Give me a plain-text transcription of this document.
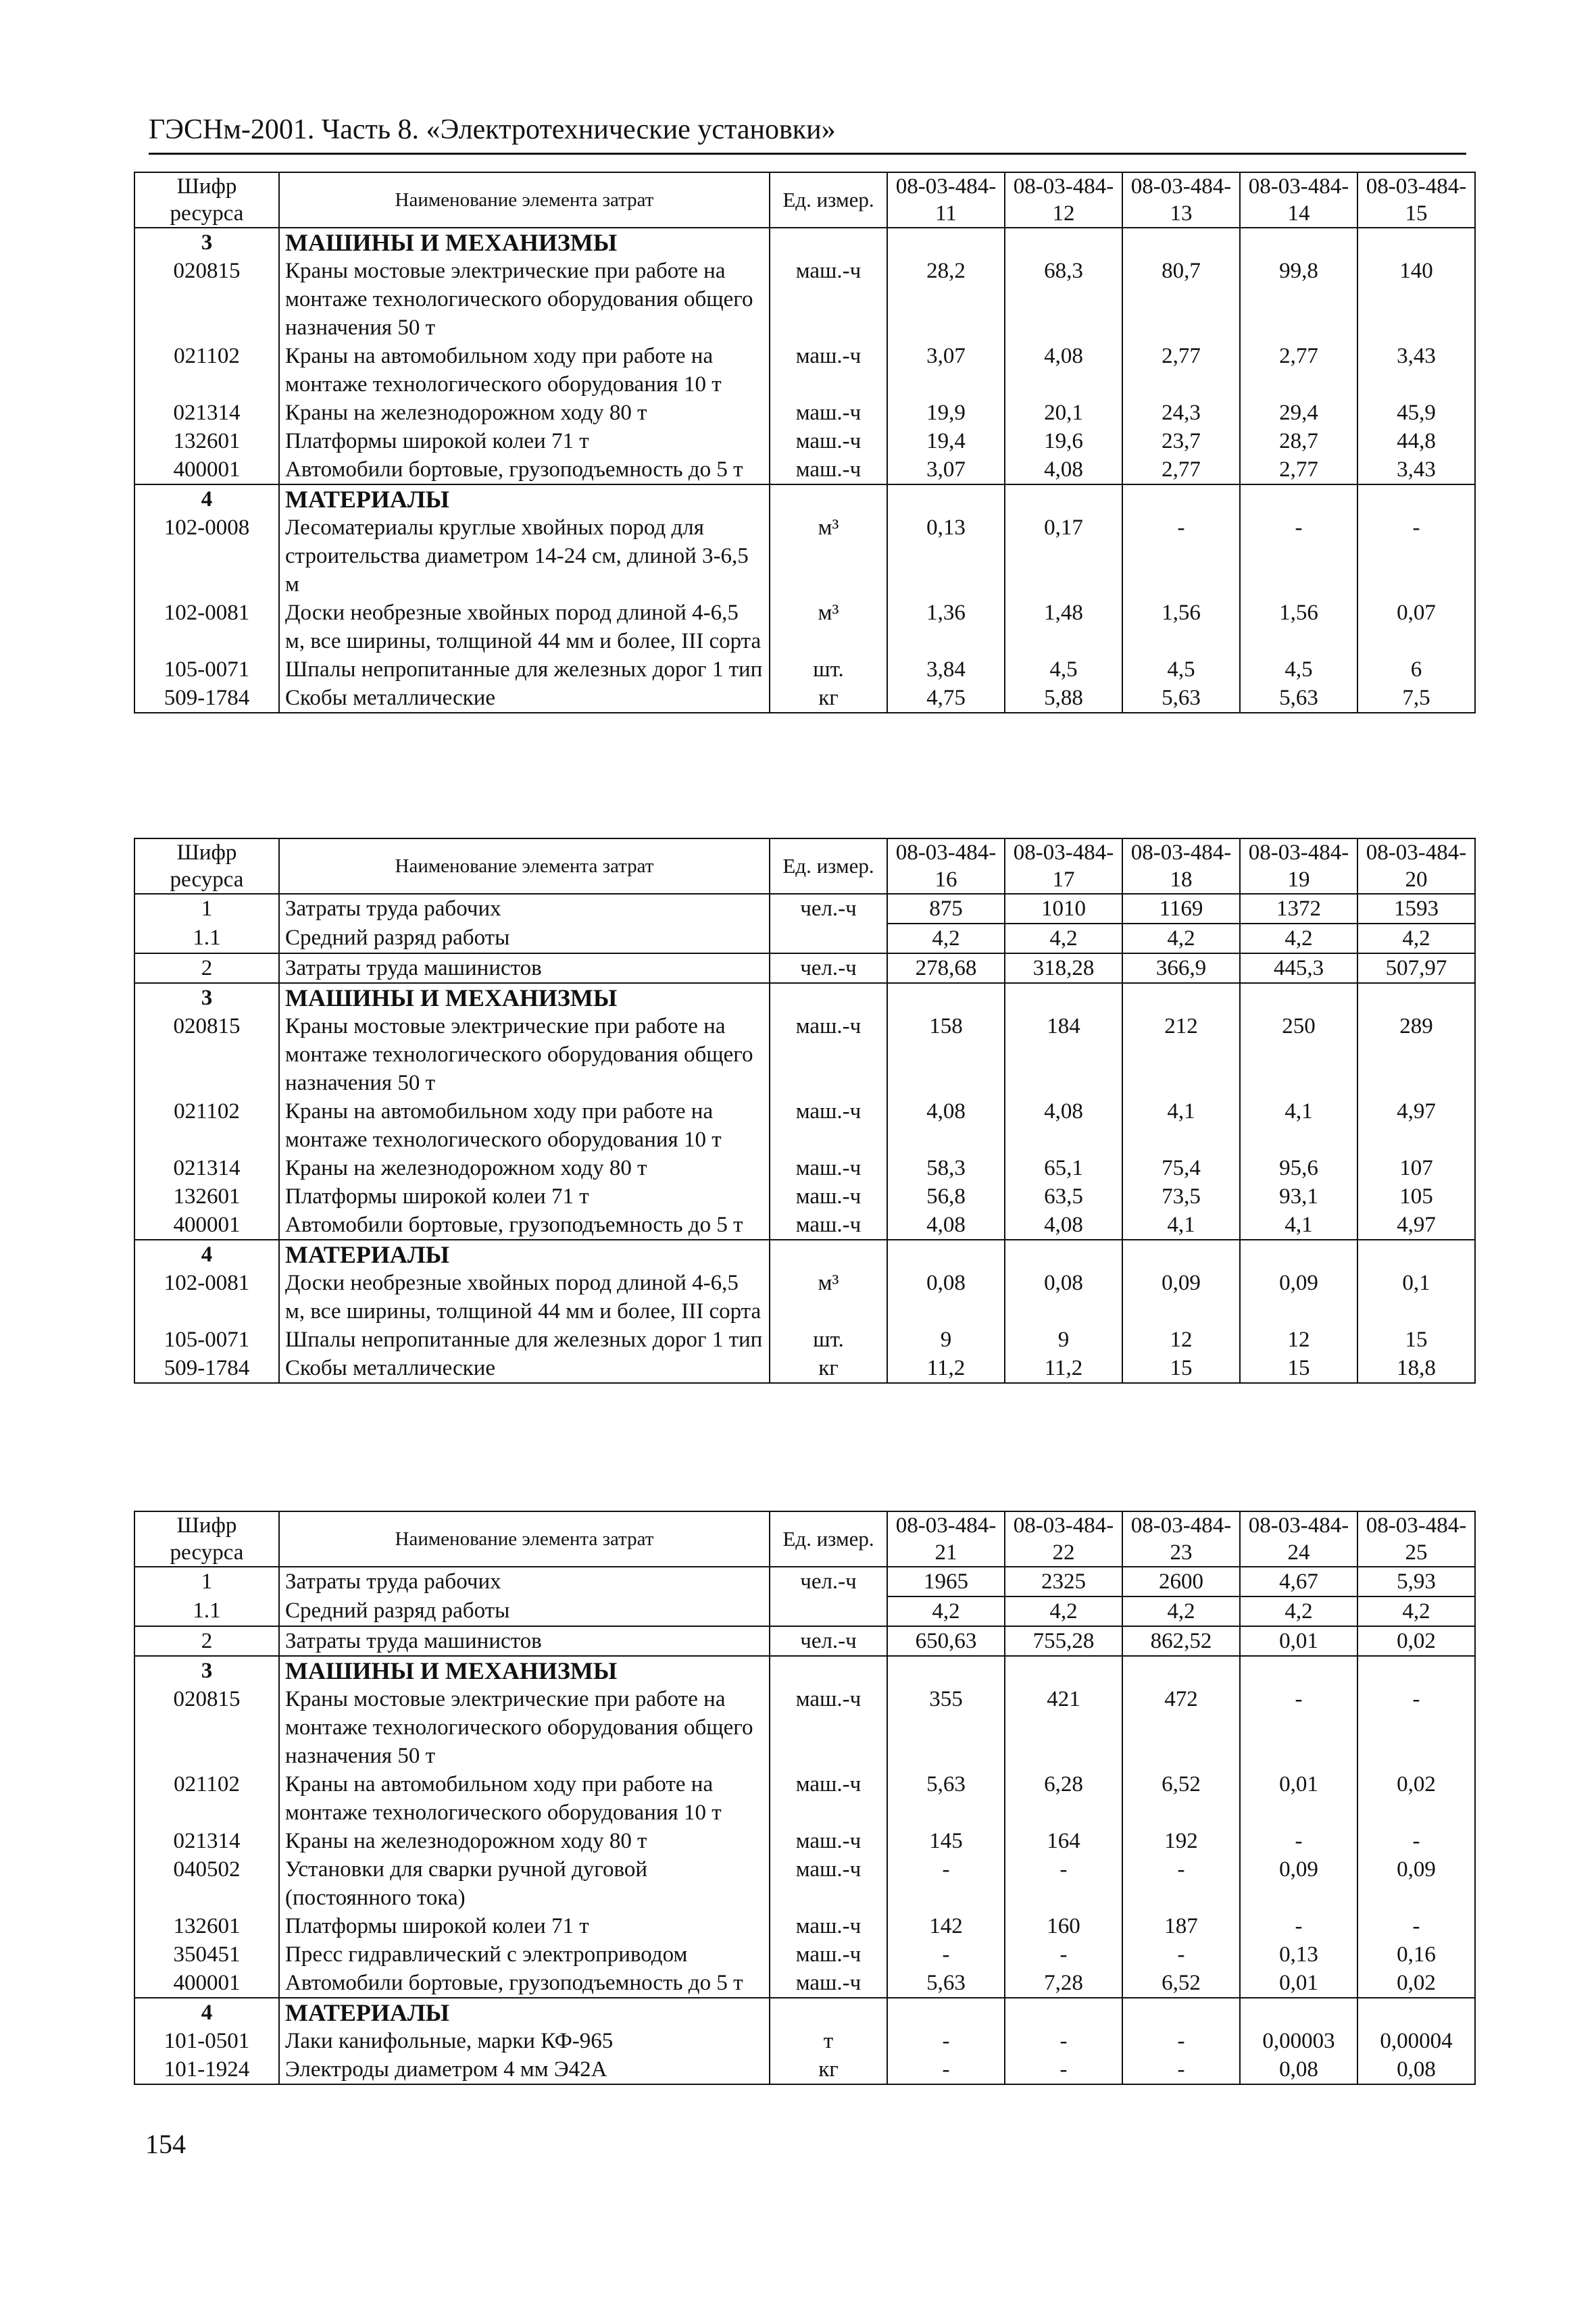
ГЭСНм-2001. Часть 8. «Электротехнические установки»
Шифр ресурса	Наименование элемента затрат	Ед. измер.	08-03-484-11	08-03-484-12	08-03-484-13	08-03-484-14	08-03-484-15
3	МАШИНЫ И МЕХАНИЗМЫ						
020815	Краны мостовые электрические при работе на монтаже технологического оборудования общего назначения 50 т	маш.-ч	28,2	68,3	80,7	99,8	140
021102	Краны на автомобильном ходу при работе на монтаже технологического оборудования 10 т	маш.-ч	3,07	4,08	2,77	2,77	3,43
021314	Краны на железнодорожном ходу 80 т	маш.-ч	19,9	20,1	24,3	29,4	45,9
132601	Платформы широкой колеи 71 т	маш.-ч	19,4	19,6	23,7	28,7	44,8
400001	Автомобили бортовые, грузоподъемность до 5 т	маш.-ч	3,07	4,08	2,77	2,77	3,43
4	МАТЕРИАЛЫ						
102-0008	Лесоматериалы круглые хвойных пород для строительства диаметром 14-24 см, длиной 3-6,5 м	м³	0,13	0,17	-	-	-
102-0081	Доски необрезные хвойных пород длиной 4-6,5 м, все ширины, толщиной 44 мм и более, III сорта	м³	1,36	1,48	1,56	1,56	0,07
105-0071	Шпалы непропитанные для железных дорог 1 тип	шт.	3,84	4,5	4,5	4,5	6
509-1784	Скобы металлические	кг	4,75	5,88	5,63	5,63	7,5
Шифр ресурса	Наименование элемента затрат	Ед. измер.	08-03-484-16	08-03-484-17	08-03-484-18	08-03-484-19	08-03-484-20
1	Затраты труда рабочих	чел.-ч	875	1010	1169	1372	1593
1.1	Средний разряд работы		4,2	4,2	4,2	4,2	4,2
2	Затраты труда машинистов	чел.-ч	278,68	318,28	366,9	445,3	507,97
3	МАШИНЫ И МЕХАНИЗМЫ						
020815	Краны мостовые электрические при работе на монтаже технологического оборудования общего назначения 50 т	маш.-ч	158	184	212	250	289
021102	Краны на автомобильном ходу при работе на монтаже технологического оборудования 10 т	маш.-ч	4,08	4,08	4,1	4,1	4,97
021314	Краны на железнодорожном ходу 80 т	маш.-ч	58,3	65,1	75,4	95,6	107
132601	Платформы широкой колеи 71 т	маш.-ч	56,8	63,5	73,5	93,1	105
400001	Автомобили бортовые, грузоподъемность до 5 т	маш.-ч	4,08	4,08	4,1	4,1	4,97
4	МАТЕРИАЛЫ						
102-0081	Доски необрезные хвойных пород длиной 4-6,5 м, все ширины, толщиной 44 мм и более, III сорта	м³	0,08	0,08	0,09	0,09	0,1
105-0071	Шпалы непропитанные для железных дорог 1 тип	шт.	9	9	12	12	15
509-1784	Скобы металлические	кг	11,2	11,2	15	15	18,8
Шифр ресурса	Наименование элемента затрат	Ед. измер.	08-03-484-21	08-03-484-22	08-03-484-23	08-03-484-24	08-03-484-25
1	Затраты труда рабочих	чел.-ч	1965	2325	2600	4,67	5,93
1.1	Средний разряд работы		4,2	4,2	4,2	4,2	4,2
2	Затраты труда машинистов	чел.-ч	650,63	755,28	862,52	0,01	0,02
3	МАШИНЫ И МЕХАНИЗМЫ						
020815	Краны мостовые электрические при работе на монтаже технологического оборудования общего назначения 50 т	маш.-ч	355	421	472	-	-
021102	Краны на автомобильном ходу при работе на монтаже технологического оборудования 10 т	маш.-ч	5,63	6,28	6,52	0,01	0,02
021314	Краны на железнодорожном ходу 80 т	маш.-ч	145	164	192	-	-
040502	Установки для сварки ручной дуговой (постоянного тока)	маш.-ч	-	-	-	0,09	0,09
132601	Платформы широкой колеи 71 т	маш.-ч	142	160	187	-	-
350451	Пресс гидравлический с электроприводом	маш.-ч	-	-	-	0,13	0,16
400001	Автомобили бортовые, грузоподъемность до 5 т	маш.-ч	5,63	7,28	6,52	0,01	0,02
4	МАТЕРИАЛЫ						
101-0501	Лаки канифольные, марки КФ-965	т	-	-	-	0,00003	0,00004
101-1924	Электроды диаметром 4 мм Э42А	кг	-	-	-	0,08	0,08
154
